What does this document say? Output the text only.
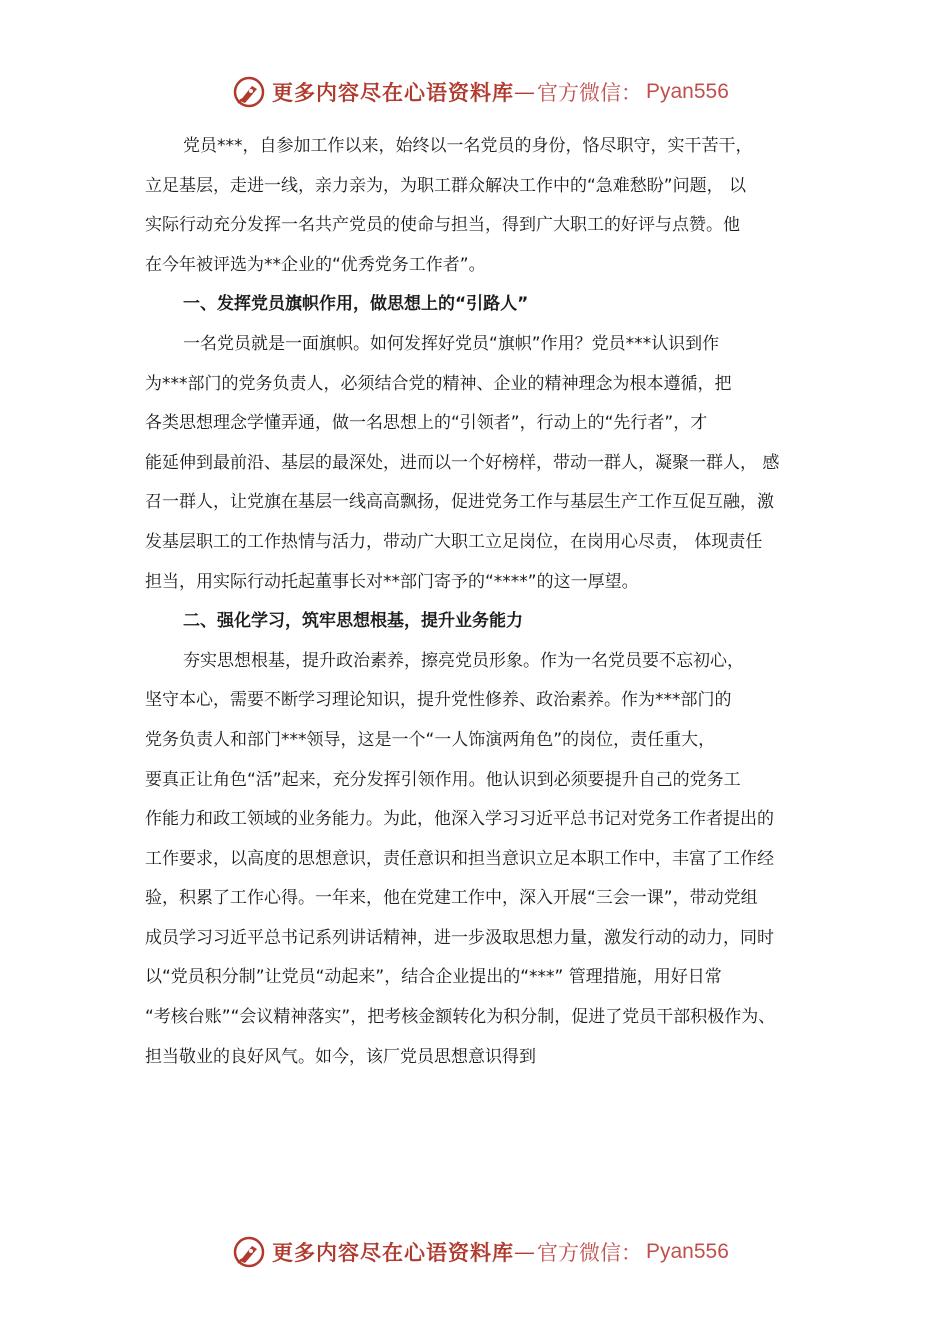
更多内容尽在心语资料库 — 官方微信： Pyan556
党员***，自参加工作以来，始终以一名党员的身份，恪尽职守，实干苦干，
立足基层，走进一线，亲力亲为，为职工群众解决工作中的“急难愁盼”问题， 以
实际行动充分发挥一名共产党员的使命与担当，得到广大职工的好评与点赞。他
在今年被评选为**企业的“优秀党务工作者”。
一、发挥党员旗帜作用，做思想上的“引路人”
一名党员就是一面旗帜。如何发挥好党员“旗帜”作用？党员***认识到作
为***部门的党务负责人，必须结合党的精神、企业的精神理念为根本遵循，把
各类思想理念学懂弄通，做一名思想上的“引领者”，行动上的“先行者”，才
能延伸到最前沿、基层的最深处，进而以一个好榜样，带动一群人，凝聚一群人， 感
召一群人，让党旗在基层一线高高飘扬，促进党务工作与基层生产工作互促互融，激
发基层职工的工作热情与活力，带动广大职工立足岗位，在岗用心尽责， 体现责任
担当，用实际行动托起董事长对**部门寄予的“****”的这一厚望。
二、强化学习，筑牢思想根基，提升业务能力
夯实思想根基，提升政治素养，擦亮党员形象。作为一名党员要不忘初心，
坚守本心，需要不断学习理论知识，提升党性修养、政治素养。作为***部门的
党务负责人和部门***领导，这是一个“一人饰演两角色”的岗位，责任重大，
要真正让角色“活”起来，充分发挥引领作用。他认识到必须要提升自己的党务工
作能力和政工领域的业务能力。为此，他深入学习习近平总书记对党务工作者提出的
工作要求，以高度的思想意识，责任意识和担当意识立足本职工作中，丰富了工作经
验，积累了工作心得。一年来，他在党建工作中，深入开展“三会一课”，带动党组
成员学习习近平总书记系列讲话精神，进一步汲取思想力量，激发行动的动力，同时
以“党员积分制”让党员“动起来”，结合企业提出的“***” 管理措施，用好日常
“考核台账”“会议精神落实”，把考核金额转化为积分制，促进了党员干部积极作为、
担当敬业的良好风气。如今，该厂党员思想意识得到
更多内容尽在心语资料库 — 官方微信： Pyan556
